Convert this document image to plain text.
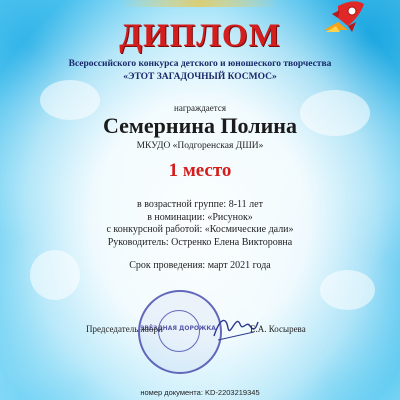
ДИПЛОМ
Всероссийского конкурса детского и юношеского творчества
«ЭТОТ ЗАГАДОЧНЫЙ КОСМОС»
награждается
Семернина Полина
МКУДО «Подгоренская ДШИ»
1 место
в возрастной группе: 8-11 лет
в номинации: «Рисунок»
с конкурсной работой: «Космические дали»
Руководитель: Остренко Елена Викторовна
Срок проведения: март 2021 года
ЗВЁЗДНАЯ ДОРОЖКА
Председатель жюри	Е.А. Косырева
номер документа: KD-2203219345
